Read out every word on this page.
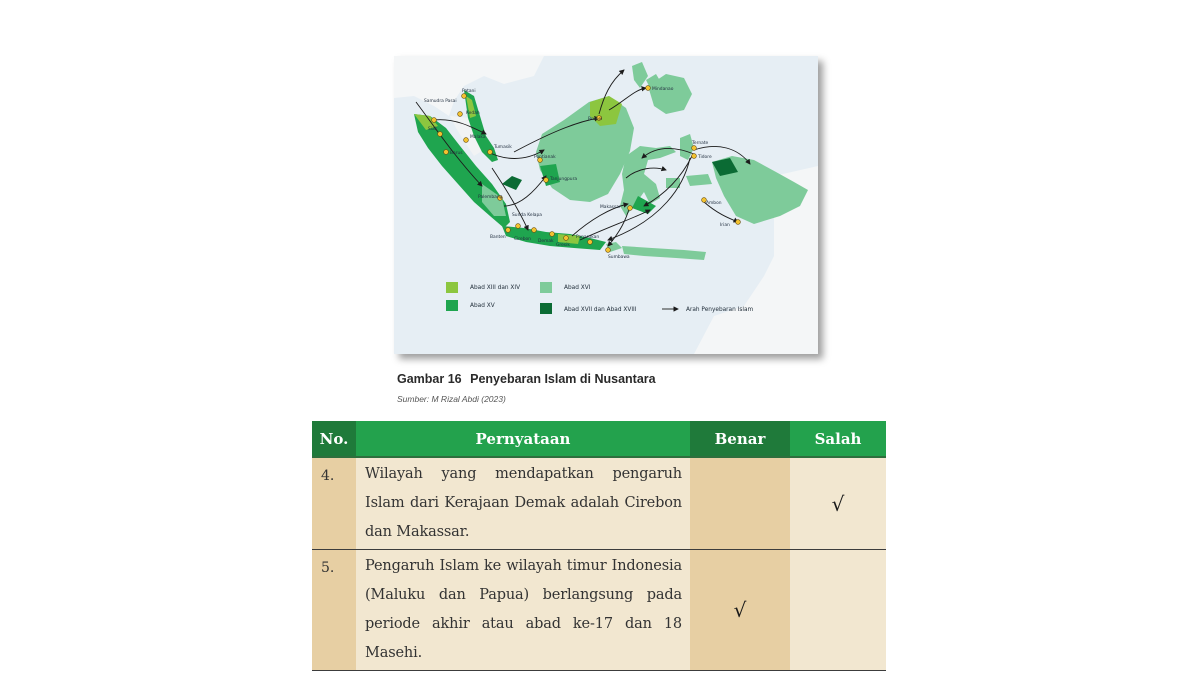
Patani
Samudra Pasai
Kedah
Siak
Malaka
Barus
Tumasik
Brunei
Mindanao
Pontianak
Tanjungpura
Palembang
Sunda Kelapa
Banten Cirebon Demak
Gresik
Panarukan
Sumbawa
Makassar
Ternate
Tidore
Ambon
Irian
Abad XIII dan XIV
Abad XV
Abad XVI
Abad XVII dan Abad XVIII	Arah Penyebaran Islam
Gambar 16 Penyebaran Islam di Nusantara
Sumber: M Rizal Abdi (2023)
No.	Pernyataan	Benar	Salah
4.	Wilayah yang mendapatkan pengaruh Islam dari Kerajaan Demak adalah Cirebon dan Makassar.		√
5.	Pengaruh Islam ke wilayah timur Indonesia (Maluku dan Papua) berlangsung pada periode akhir atau abad ke-17 dan 18 Masehi.	√	
